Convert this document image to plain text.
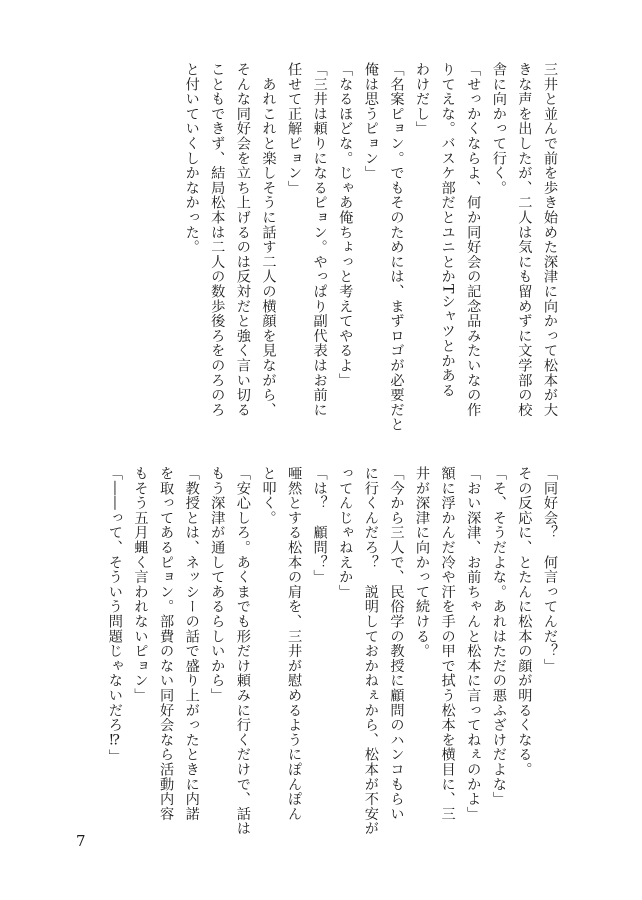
三井と並んで前を歩き始めた深津に向かって松本が大
きな声を出したが、二人は気にも留めずに文学部の校
舎に向かって行く。
「せっかくならよ、何か同好会の記念品みたいなの作
りてえな。バスケ部だとユニとかTシャツとかある
わけだし」
「名案ピョン。でもそのためには、まずロゴが必要だと
俺は思うピョン」
「なるほどな。じゃあ俺ちょっと考えてやるよ」
「三井は頼りになるピョン。やっぱり副代表はお前に
任せて正解ピョン」
　あれこれと楽しそうに話す二人の横顔を見ながら、
そんな同好会を立ち上げるのは反対だと強く言い切る
こともできず、結局松本は二人の数歩後ろをのろのろ
と付いていくしかなかった。
「同好会？　何言ってんだ？」
その反応に、とたんに松本の顔が明るくなる。
「そ、そうだよな。あれはただの悪ふざけだよな」
「おい深津、お前ちゃんと松本に言ってねぇのかよ」
額に浮かんだ冷や汗を手の甲で拭う松本を横目に、三
井が深津に向かって続ける。
「今から三人で、民俗学の教授に顧問のハンコもらい
に行くんだろ？　説明しておかねぇから、松本が不安が
ってんじゃねえか」
「は？　顧問？」
唖然とする松本の肩を、三井が慰めるようにぽんぽん
と叩く。
「安心しろ。あくまでも形だけ頼みに行くだけで、話は
もう深津が通してあるらしいから」
「教授とは、ネッシーの話で盛り上がったときに内諾
を取ってあるピョン。部費のない同好会なら活動内容
もそう五月蝿く言われないピョン」
「――って、そういう問題じゃないだろ⁉」
7
